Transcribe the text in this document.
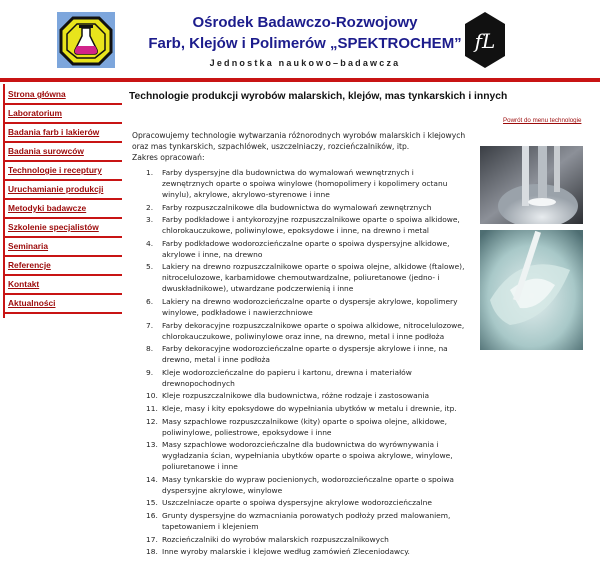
Ośrodek Badawczo-Rozwojowy
Farb, Klejów i Polimerów „SPEKTROCHEM”
Jednostka naukowo–badawcza
fL
Strona główna
Laboratorium
Badania farb i lakierów
Badania surowców
Technologie i receptury
Uruchamianie produkcji
Metodyki badawcze
Szkolenie specjalistów
Seminaria
Referencje
Kontakt
Aktualności
Technologie produkcji wyrobów malarskich, klejów, mas tynkarskich i innych
Powrót do menu technologie
Opracowujemy technologie wytwarzania różnorodnych wyrobów malarskich i klejowych oraz mas tynkarskich, szpachlówek, uszczelniaczy, rozcieńczalników, itp.
Zakres opracowań:
1. Farby dyspersyjne dla budownictwa do wymalowań wewnętrznych i zewnętrznych oparte o spoiwa winylowe (homopolimery i kopolimery octanu winylu), akrylowe, akrylowo-styrenowe i inne
2. Farby rozpuszczalnikowe dla budownictwa do wymalowań zewnętrznych
3. Farby podkładowe i antykorozyjne rozpuszczalnikowe oparte o spoiwa alkidowe, chlorokauczukowe, poliwinylowe, epoksydowe i inne, na drewno i metal
4. Farby podkładowe wodorozcieńczalne oparte o spoiwa dyspersyjne alkidowe, akrylowe i inne, na drewno
5. Lakiery na drewno rozpuszczalnikowe oparte o spoiwa olejne, alkidowe (ftalowe), nitrocelulozowe, karbamidowe chemoutwardzalne, poliuretanowe (jedno- i dwuskładnikowe), utwardzane podczerwienią i inne
6. Lakiery na drewno wodorozcieńczalne oparte o dyspersje akrylowe, kopolimery winylowe, podkładowe i nawierzchniowe
7. Farby dekoracyjne rozpuszczalnikowe oparte o spoiwa alkidowe, nitrocelulozowe, chlorokauczukowe, poliwinylowe oraz inne, na drewno, metal i inne podłoża
8. Farby dekoracyjne wodorozcieńczalne oparte o dyspersje akrylowe i inne, na drewno, metal i inne podłoża
9. Kleje wodorozcieńczalne do papieru i kartonu, drewna i materiałów drewnopochodnych
10. Kleje rozpuszczalnikowe dla budownictwa, różne rodzaje i zastosowania
11. Kleje, masy i kity epoksydowe do wypełniania ubytków w metalu i drewnie, itp.
12. Masy szpachlowe rozpuszczalnikowe (kity) oparte o spoiwa olejne, alkidowe, poliwinylowe, poliestrowe, epoksydowe i inne
13. Masy szpachlowe wodorozcieńczalne dla budownictwa do wyrównywania i wygładzania ścian, wypełniania ubytków oparte o spoiwa akrylowe, winylowe, poliuretanowe i inne
14. Masy tynkarskie do wypraw pocienionych, wodorozcieńczalne oparte o spoiwa dyspersyjne akrylowe, winylowe
15. Uszczelniacze oparte o spoiwa dyspersyjne akrylowe wodorozcieńczalne
16. Grunty dyspersyjne do wzmacniania porowatych podłoży przed malowaniem, tapetowaniem i klejeniem
17. Rozcieńczalniki do wyrobów malarskich rozpuszczalnikowych
18. Inne wyroby malarskie i klejowe według zamówień Zleceniodawcy.
